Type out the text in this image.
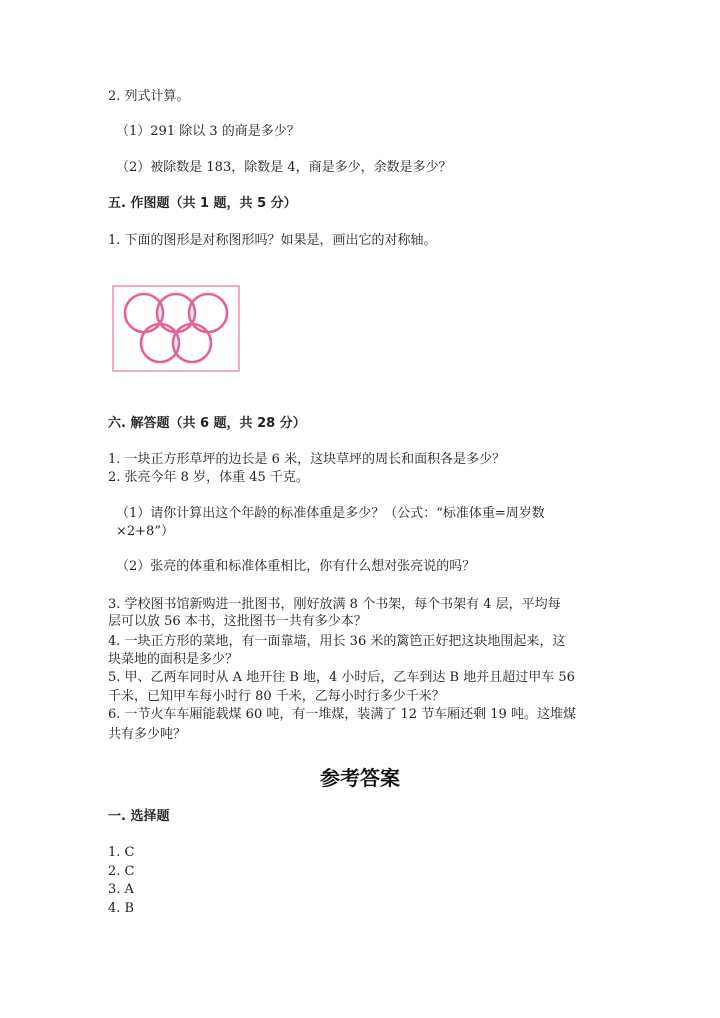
2. 列式计算。
（1）291 除以 3 的商是多少？
（2）被除数是 183，除数是 4，商是多少，余数是多少？
五. 作图题（共 1 题，共 5 分）
1. 下面的图形是对称图形吗？如果是，画出它的对称轴。
六. 解答题（共 6 题，共 28 分）
1. 一块正方形草坪的边长是 6 米，这块草坪的周长和面积各是多少？
2. 张亮今年 8 岁，体重 45 千克。
（1）请你计算出这个年龄的标准体重是多少？（公式：“标准体重=周岁数
×2+8”）
（2）张亮的体重和标准体重相比，你有什么想对张亮说的吗？
3. 学校图书馆新购进一批图书，刚好放满 8 个书架，每个书架有 4 层，平均每
层可以放 56 本书，这批图书一共有多少本？
4. 一块正方形的菜地，有一面靠墙，用长 36 米的篱笆正好把这块地围起来，这
块菜地的面积是多少？
5. 甲、乙两车同时从 A 地开往 B 地，4 小时后，乙车到达 B 地并且超过甲车 56
千米，已知甲车每小时行 80 千米，乙每小时行多少千米？
6. 一节火车车厢能载煤 60 吨，有一堆煤，装满了 12 节车厢还剩 19 吨。这堆煤
共有多少吨？
参考答案
一. 选择题
1. C
2. C
3. A
4. B
